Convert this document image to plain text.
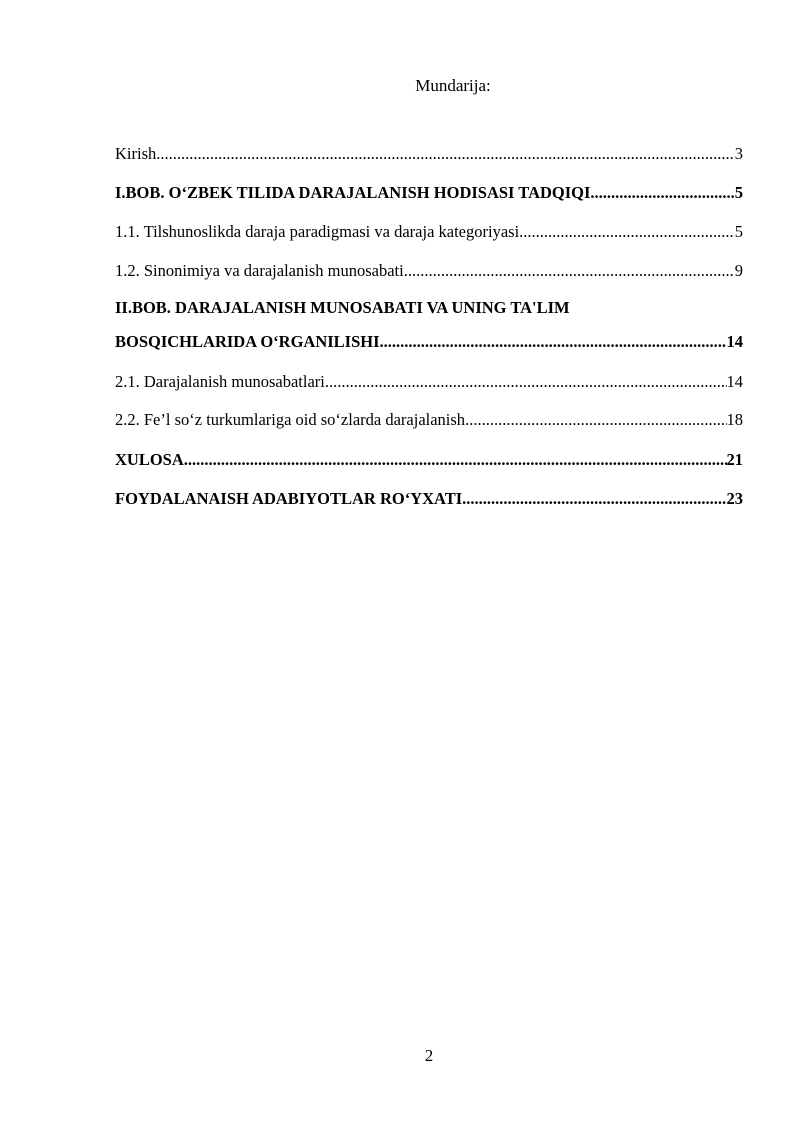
Mundarija:
Kirish .....	3
I.BOB. O‘ZBEK TILIDA DARAJALANISH HODISASI TADQIQI .....	5
1.1. Tilshunoslikda daraja paradigmasi va daraja kategoriyasi .....	5
1.2. Sinonimiya va darajalanish munosabati .....	9
II.BOB. DARAJALANISH MUNOSABATI VA UNING TA'LIM
BOSQICHLARIDA O‘RGANILISHI .....	14
2.1. Darajalanish munosabatlari .....	14
2.2. Fe’l so‘z turkumlariga oid so‘zlarda darajalanish .....	18
XULOSA .....	21
FOYDALANAISH ADABIYOTLAR RO‘YXATI .....	23
2
